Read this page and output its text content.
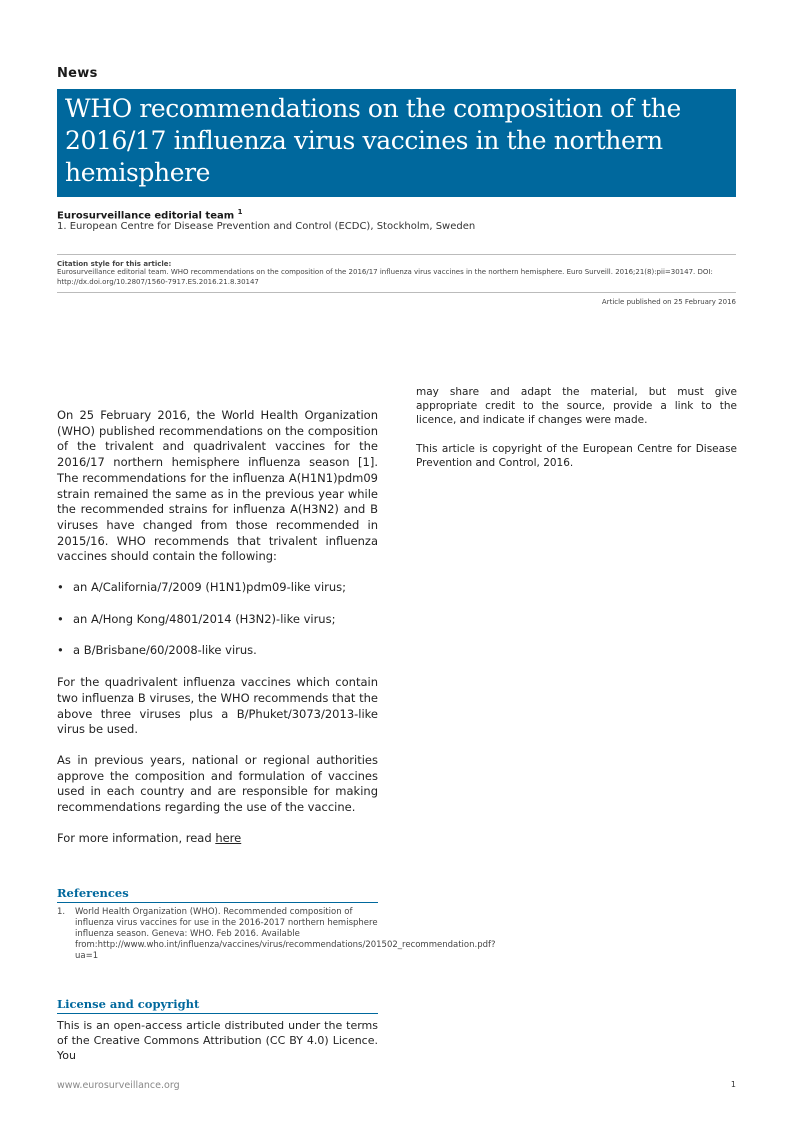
News
WHO recommendations on the composition of the 2016/17 influenza virus vaccines in the northern hemisphere
Eurosurveillance editorial team $^1$
1. European Centre for Disease Prevention and Control (ECDC), Stockholm, Sweden
Citation style for this article:
Eurosurveillance editorial team. WHO recommendations on the composition of the 2016/17 influenza virus vaccines in the northern hemisphere. Euro Surveill. 2016;21(8):pii=30147. DOI: http://dx.doi.org/10.2807/1560-7917.ES.2016.21.8.30147
Article published on 25 February 2016

On 25 February 2016, the World Health Organization (WHO) published recommendations on the composition of the trivalent and quadrivalent vaccines for the 2016/17 northern hemisphere influenza season [1]. The recommendations for the influenza A(H1N1)pdm09 strain remained the same as in the previous year while the recommended strains for influenza A(H3N2) and B viruses have changed from those recommended in 2015/16. WHO recommends that trivalent influenza vaccines should contain the following:

• an A/California/7/2009 (H1N1)pdm09-like virus;
• an A/Hong Kong/4801/2014 (H3N2)-like virus;
• a B/Brisbane/60/2008-like virus.

For the quadrivalent influenza vaccines which contain two influenza B viruses, the WHO recommends that the above three viruses plus a B/Phuket/3073/2013-like virus be used.

As in previous years, national or regional authorities approve the composition and formulation of vaccines used in each country and are responsible for making recommendations regarding the use of the vaccine.

For more information, read here

References
1. World Health Organization (WHO). Recommended composition of influenza virus vaccines for use in the 2016-2017 northern hemisphere influenza season. Geneva: WHO. Feb 2016. Available from:http://www.who.int/influenza/vaccines/virus/recommendations/201502_recommendation.pdf?ua=1
License and copyright
This is an open-access article distributed under the terms of the Creative Commons Attribution (CC BY 4.0) Licence. You

may share and adapt the material, but must give appropriate credit to the source, provide a link to the licence, and indicate if changes were made.

This article is copyright of the European Centre for Disease Prevention and Control, 2016.

www.eurosurveillance.org	1
